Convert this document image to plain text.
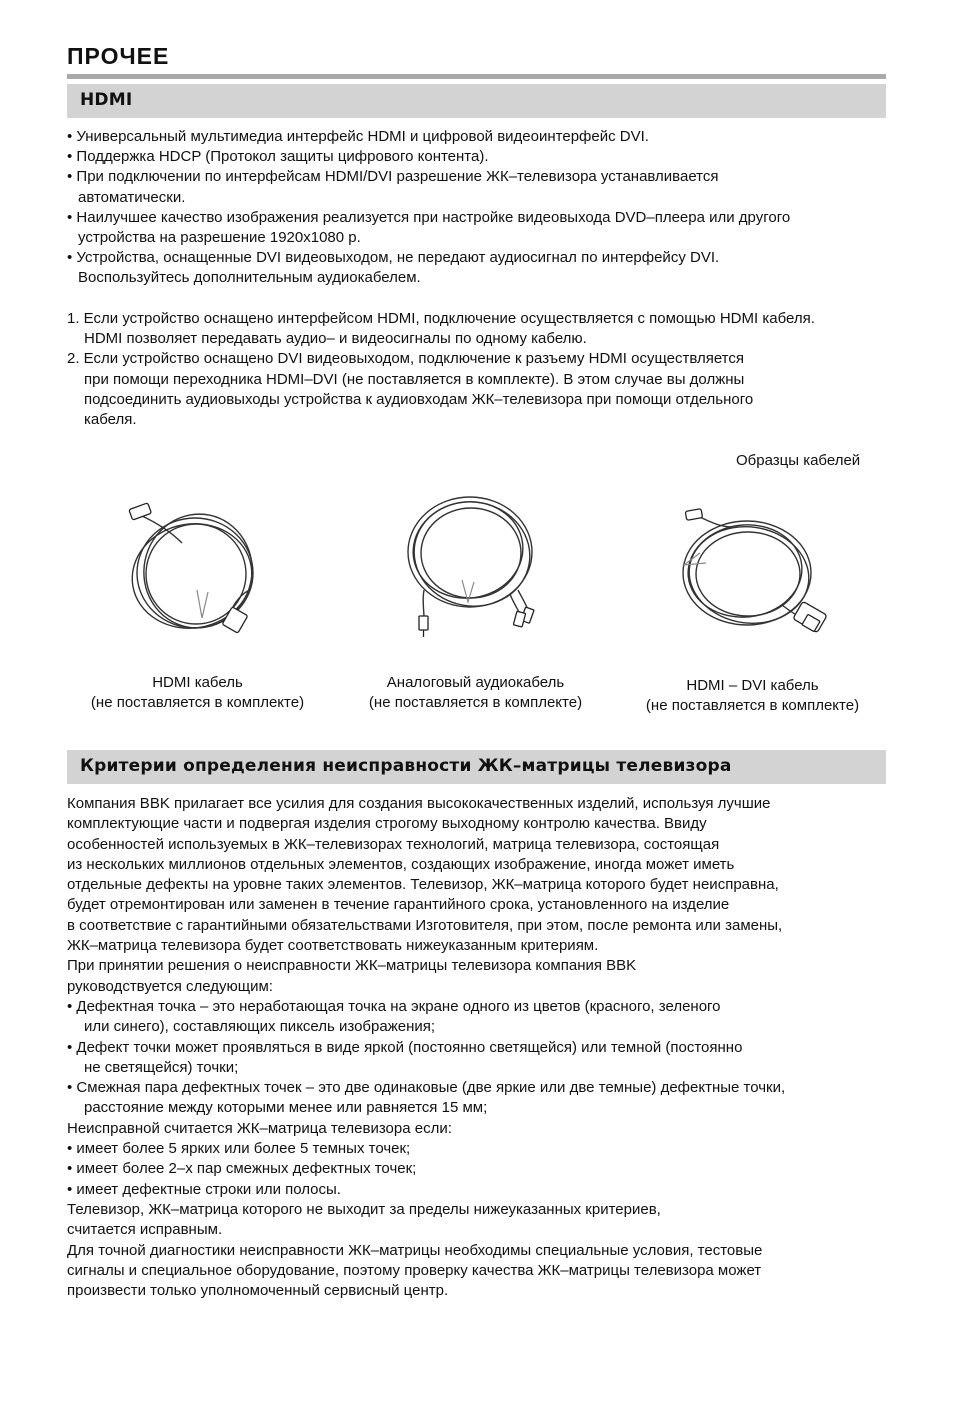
ПРОЧЕЕ
HDMI

• Универсальный мультимедиа интерфейс HDMI и цифровой видеоинтерфейс DVI.

• Поддержка HDCP (Протокол защиты цифрового контента).

• При подключении по интерфейсам HDMI/DVI разрешение ЖК–телевизора устанавливается

автоматически.

• Наилучшее качество изображения реализуется при настройке видеовыхода DVD–плеера или другого

устройства на разрешение 1920x1080 р.

• Устройства, оснащенные DVI видеовыходом, не передают аудиосигнал по интерфейсу DVI.

Воспользуйтесь дополнительным аудиокабелем.

1. Если устройство оснащено интерфейсом HDMI, подключение осуществляется с помощью HDMI кабеля.

HDMI позволяет передавать аудио– и видеосигналы по одному кабелю.

2. Если устройство оснащено DVI видеовыходом, подключение к разъему HDMI осуществляется

при помощи переходника HDMI–DVI (не поставляется в комплекте). В этом случае вы должны

подсоединить аудиовыходы устройства к аудиовходам ЖК–телевизора при помощи отдельного

кабеля.

Образцы кабелей
HDMI кабель
(не поставляется в комплекте)
Аналоговый аудиокабель
(не поставляется в комплекте)
HDMI – DVI кабель
(не поставляется в комплекте)
Критерии определения неисправности ЖК–матрицы телевизора

Компания BBK прилагает все усилия для создания высококачественных изделий, используя лучшие

комплектующие части и подвергая изделия строгому выходному контролю качества. Ввиду

особенностей используемых в ЖК–телевизорах технологий, матрица телевизора, состоящая

из нескольких миллионов отдельных элементов, создающих изображение, иногда может иметь

отдельные дефекты на уровне таких элементов. Телевизор, ЖК–матрица которого будет неисправна,

будет отремонтирован или заменен в течение гарантийного срока, установленного на изделие

в соответствие с гарантийными обязательствами Изготовителя, при этом, после ремонта или замены,

ЖК–матрица телевизора будет соответствовать нижеуказанным критериям.

При принятии решения о неисправности ЖК–матрицы телевизора компания BBK

руководствуется следующим:

• Дефектная точка – это неработающая точка на экране одного из цветов (красного, зеленого

или синего), составляющих пиксель изображения;

• Дефект точки может проявляться в виде яркой (постоянно светящейся) или темной (постоянно

не светящейся) точки;

• Смежная пара дефектных точек – это две одинаковые (две яркие или две темные) дефектные точки,

расстояние между которыми менее или равняется 15 мм;

Неисправной считается ЖК–матрица телевизора если:

• имеет более 5 ярких или более 5 темных точек;

• имеет более 2–х пар смежных дефектных точек;

• имеет дефектные строки или полосы.

Телевизор, ЖК–матрица которого не выходит за пределы нижеуказанных критериев,

считается исправным.

Для точной диагностики неисправности ЖК–матрицы необходимы специальные условия, тестовые

сигналы и специальное оборудование, поэтому проверку качества ЖК–матрицы телевизора может

произвести только уполномоченный сервисный центр.
